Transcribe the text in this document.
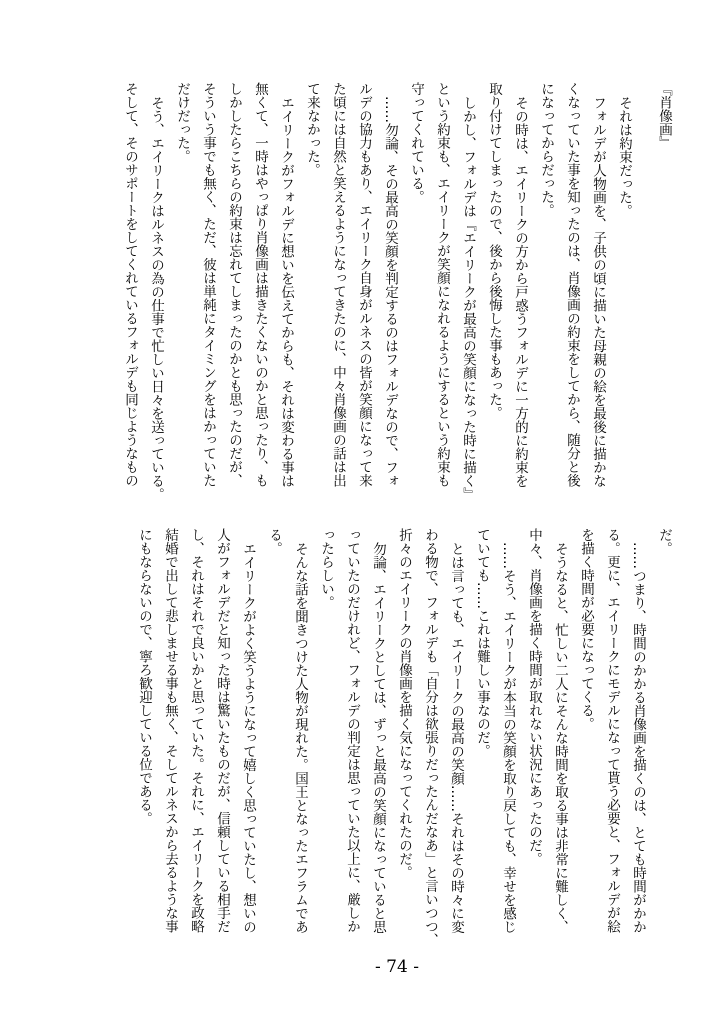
『肖像画』
それは約束だった。
フォルデが人物画を、子供の頃に描いた母親の絵を最後に描かな
くなっていた事を知ったのは、肖像画の約束をしてから、随分と後
になってからだった。
その時は、エイリークの方から戸惑うフォルデに一方的に約束を
取り付けてしまったので、後から後悔した事もあった。
しかし、フォルデは『エイリークが最高の笑顔になった時に描く』
という約束も、エイリークが笑顔になれるようにするという約束も
守ってくれている。
……勿論、その最高の笑顔を判定するのはフォルデなので、フォ
ルデの協力もあり、エイリーク自身がルネスの皆が笑顔になって来
た頃には自然と笑えるようになってきたのに、中々肖像画の話は出
て来なかった。
エイリークがフォルデに想いを伝えてからも、それは変わる事は
無くて、一時はやっぱり肖像画は描きたくないのかと思ったり、も
しかしたらこちらの約束は忘れてしまったのかとも思ったのだが、
そういう事でも無く、ただ、彼は単純にタイミングをはかっていた
だけだった。
そう、エイリークはルネスの為の仕事で忙しい日々を送っている。
そして、そのサポートをしてくれているフォルデも同じようなもの
だ。
……つまり、時間のかかる肖像画を描くのは、とても時間がかか
る。更に、エイリークにモデルになって貰う必要と、フォルデが絵
を描く時間が必要になってくる。
そうなると、忙しい二人にそんな時間を取る事は非常に難しく、
中々、肖像画を描く時間が取れない状況にあったのだ。
……そう、エイリークが本当の笑顔を取り戻しても、幸せを感じ
ていても……これは難しい事なのだ。
とは言っても、エイリークの最高の笑顔……それはその時々に変
わる物で、フォルデも「自分は欲張りだったんだなあ」と言いつつ、
折々のエイリークの肖像画を描く気になってくれたのだ。
勿論、エイリークとしては、ずっと最高の笑顔になっていると思
っていたのだけれど、フォルデの判定は思っていた以上に、厳しか
ったらしい。
そんな話を聞きつけた人物が現れた。国王となったエフラムであ
る。
エイリークがよく笑うようになって嬉しく思っていたし、想いの
人がフォルデだと知った時は驚いたものだが、信頼している相手だ
し、それはそれで良いかと思っていた。それに、エイリークを政略
結婚で出して悲しませる事も無く、そしてルネスから去るような事
にもならないので、寧ろ歓迎している位である。
- 74 -
